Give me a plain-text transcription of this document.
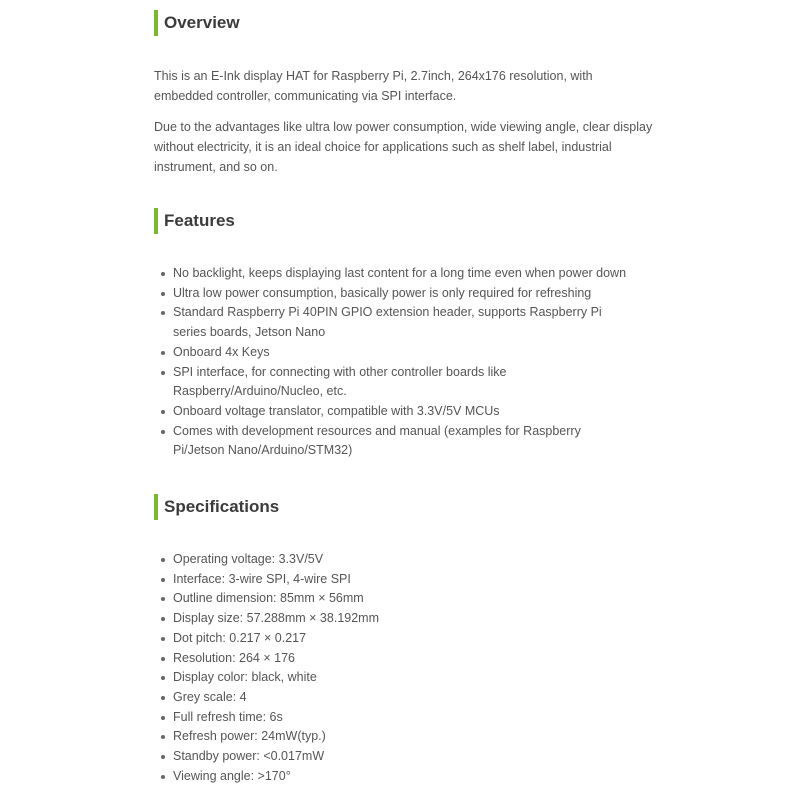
Overview

This is an E-Ink display HAT for Raspberry Pi, 2.7inch, 264x176 resolution, with embedded controller, communicating via SPI interface.

Due to the advantages like ultra low power consumption, wide viewing angle, clear display without electricity, it is an ideal choice for applications such as shelf label, industrial instrument, and so on.

Features
No backlight, keeps displaying last content for a long time even when power down
Ultra low power consumption, basically power is only required for refreshing
Standard Raspberry Pi 40PIN GPIO extension header, supports Raspberry Pi series boards, Jetson Nano
Onboard 4x Keys
SPI interface, for connecting with other controller boards like Raspberry/Arduino/Nucleo, etc.
Onboard voltage translator, compatible with 3.3V/5V MCUs
Comes with development resources and manual (examples for Raspberry Pi/Jetson Nano/Arduino/STM32)
Specifications
Operating voltage: 3.3V/5V
Interface: 3-wire SPI, 4-wire SPI
Outline dimension: 85mm × 56mm
Display size: 57.288mm × 38.192mm
Dot pitch: 0.217 × 0.217
Resolution: 264 × 176
Display color: black, white
Grey scale: 4
Full refresh time: 6s
Refresh power: 24mW(typ.)
Standby power: <0.017mW
Viewing angle: >170°
